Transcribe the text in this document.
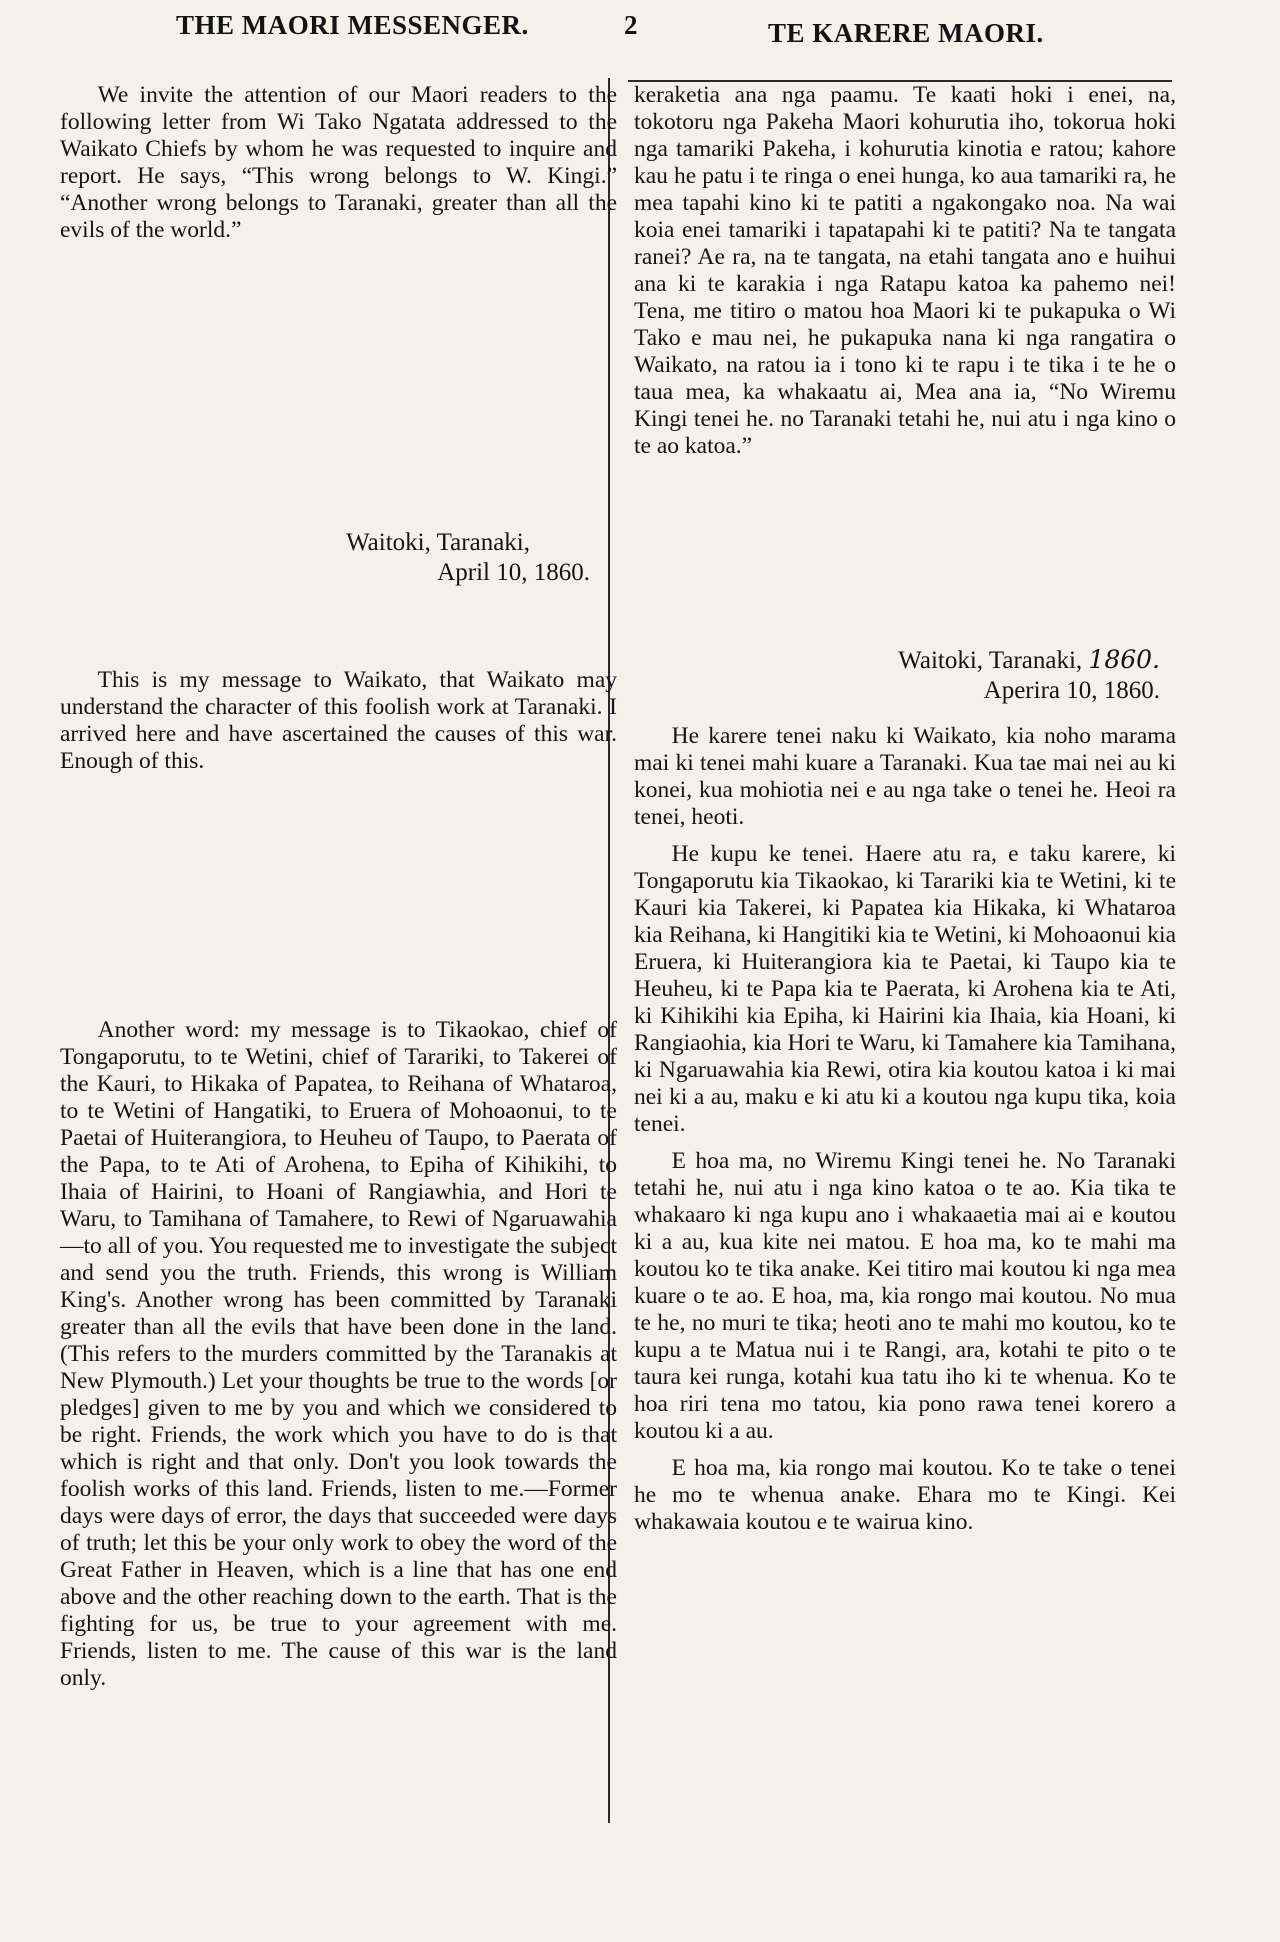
THE MAORI MESSENGER.	2	TE KARERE MAORI.

We invite the attention of our Maori readers to the following letter from Wi Tako Ngatata addressed to the Waikato Chiefs by whom he was requested to inquire and report. He says, “This wrong belongs to W. Kingi.” “Another wrong belongs to Taranaki, greater than all the evils of the world.”

Waitoki, Taranaki,
April 10, 1860.

This is my message to Waikato, that Waikato may understand the character of this foolish work at Taranaki. I arrived here and have ascertained the causes of this war. Enough of this.

Another word: my message is to Tikaokao, chief of Tongaporutu, to te Wetini, chief of Tarariki, to Takerei of the Kauri, to Hikaka of Papatea, to Reihana of Whataroa, to te Wetini of Hangatiki, to Eruera of Mohoaonui, to te Paetai of Huiterangiora, to Heuheu of Taupo, to Paerata of the Papa, to te Ati of Arohena, to Epiha of Kihikihi, to Ihaia of Hairini, to Hoani of Rangiawhia, and Hori te Waru, to Tamihana of Tamahere, to Rewi of Ngaruawahia—to all of you. You requested me to investigate the subject and send you the truth. Friends, this wrong is William King's. Another wrong has been committed by Taranaki greater than all the evils that have been done in the land. (This refers to the murders committed by the Taranakis at New Plymouth.) Let your thoughts be true to the words [or pledges] given to me by you and which we considered to be right. Friends, the work which you have to do is that which is right and that only. Don't you look towards the foolish works of this land. Friends, listen to me.—Former days were days of error, the days that succeeded were days of truth; let this be your only work to obey the word of the Great Father in Heaven, which is a line that has one end above and the other reaching down to the earth. That is the fighting for us, be true to your agreement with me. Friends, listen to me. The cause of this war is the land only.

keraketia ana nga paamu. Te kaati hoki i enei, na, tokotoru nga Pakeha Maori kohurutia iho, tokorua hoki nga tamariki Pakeha, i kohurutia kinotia e ratou; kahore kau he patu i te ringa o enei hunga, ko aua tamariki ra, he mea tapahi kino ki te patiti a ngakongako noa. Na wai koia enei tamariki i tapatapahi ki te patiti? Na te tangata ranei? Ae ra, na te tangata, na etahi tangata ano e huihui ana ki te karakia i nga Ratapu katoa ka pahemo nei! Tena, me titiro o matou hoa Maori ki te pukapuka o Wi Tako e mau nei, he pukapuka nana ki nga rangatira o Waikato, na ratou ia i tono ki te rapu i te tika i te he o taua mea, ka whakaatu ai, Mea ana ia, “No Wiremu Kingi tenei he. no Taranaki tetahi he, nui atu i nga kino o te ao katoa.”

Waitoki, Taranaki, 1860.
Aperira 10, 1860.

He karere tenei naku ki Waikato, kia noho marama mai ki tenei mahi kuare a Taranaki. Kua tae mai nei au ki konei, kua mohiotia nei e au nga take o tenei he. Heoi ra tenei, heoti.

He kupu ke tenei. Haere atu ra, e taku karere, ki Tongaporutu kia Tikaokao, ki Tarariki kia te Wetini, ki te Kauri kia Takerei, ki Papatea kia Hikaka, ki Whataroa kia Reihana, ki Hangitiki kia te Wetini, ki Mohoaonui kia Eruera, ki Huiterangiora kia te Paetai, ki Taupo kia te Heuheu, ki te Papa kia te Paerata, ki Arohena kia te Ati, ki Kihikihi kia Epiha, ki Hairini kia Ihaia, kia Hoani, ki Rangiaohia, kia Hori te Waru, ki Tamahere kia Tamihana, ki Ngaruawahia kia Rewi, otira kia koutou katoa i ki mai nei ki a au, maku e ki atu ki a koutou nga kupu tika, koia tenei.

E hoa ma, no Wiremu Kingi tenei he. No Taranaki tetahi he, nui atu i nga kino katoa o te ao. Kia tika te whakaaro ki nga kupu ano i whakaaetia mai ai e koutou ki a au, kua kite nei matou. E hoa ma, ko te mahi ma koutou ko te tika anake. Kei titiro mai koutou ki nga mea kuare o te ao. E hoa, ma, kia rongo mai koutou. No mua te he, no muri te tika; heoti ano te mahi mo koutou, ko te kupu a te Matua nui i te Rangi, ara, kotahi te pito o te taura kei runga, kotahi kua tatu iho ki te whenua. Ko te hoa riri tena mo tatou, kia pono rawa tenei korero a koutou ki a au.

E hoa ma, kia rongo mai koutou. Ko te take o tenei he mo te whenua anake. Ehara mo te Kingi. Kei whakawaia koutou e te wairua kino.
